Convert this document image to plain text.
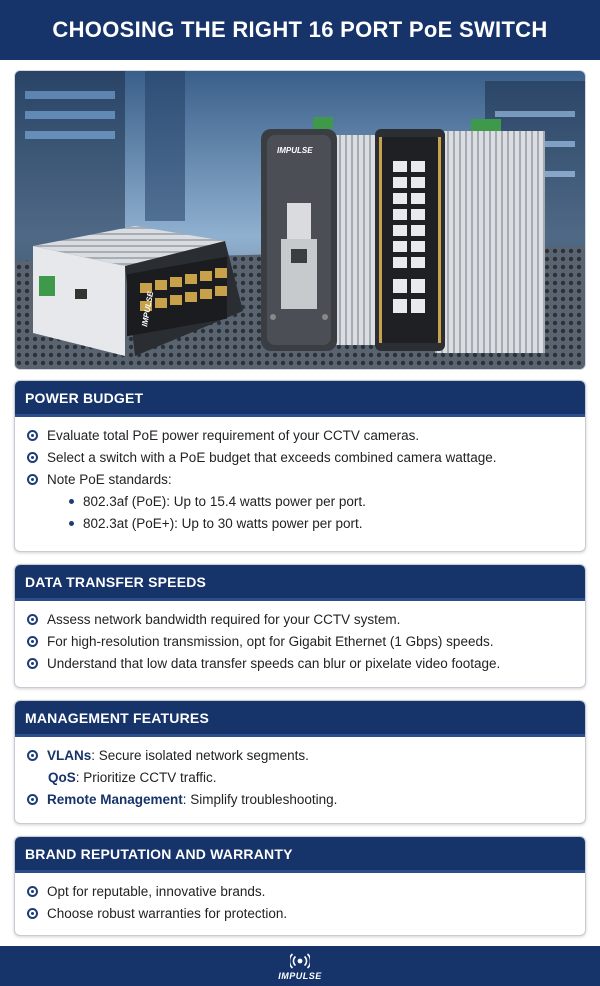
CHOOSING THE RIGHT 16 PORT PoE SWITCH
IMPULSE
IMPULSE
POWER BUDGET
Evaluate total PoE power requirement of your CCTV cameras.
Select a switch with a PoE budget that exceeds combined camera wattage.
Note PoE standards:
802.3af (PoE): Up to 15.4 watts power per port.
802.3at (PoE+): Up to 30 watts power per port.
DATA TRANSFER SPEEDS
Assess network bandwidth required for your CCTV system.
For high-resolution transmission, opt for Gigabit Ethernet (1 Gbps) speeds.
Understand that low data transfer speeds can blur or pixelate video footage.
MANAGEMENT FEATURES
VLANs : Secure isolated network segments.
QoS : Prioritize CCTV traffic.
Remote Management : Simplify troubleshooting.
BRAND REPUTATION AND WARRANTY
Opt for reputable, innovative brands.
Choose robust warranties for protection.
IMPULSE
